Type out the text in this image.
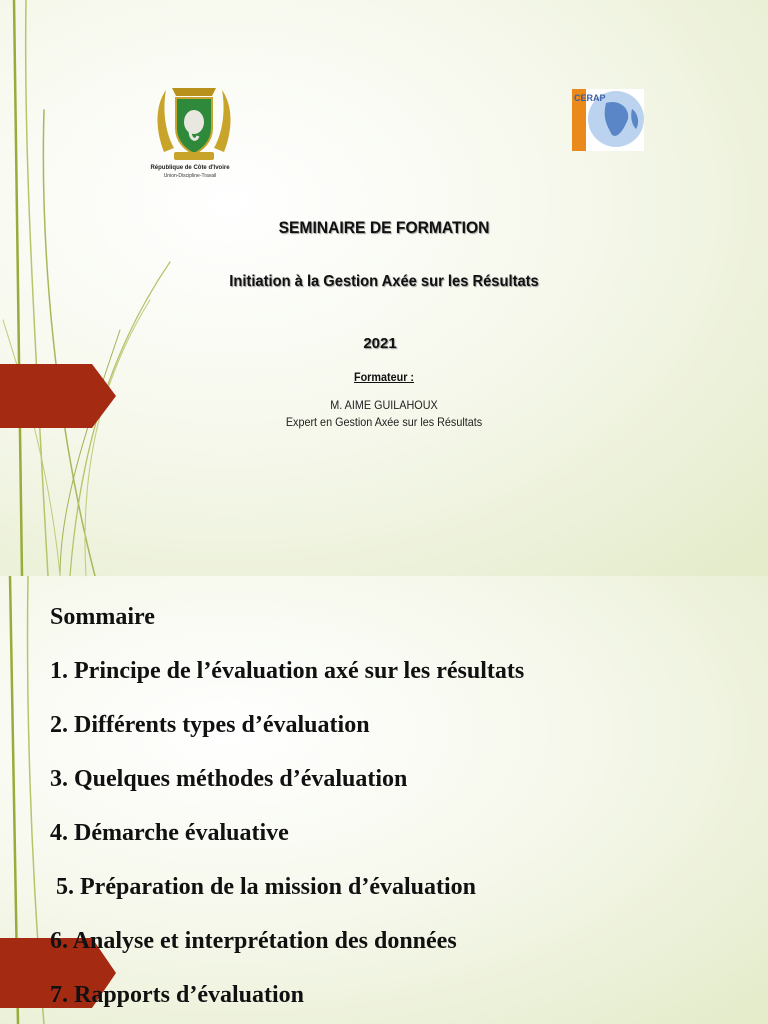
République de Côte d'Ivoire
Union-Discipline-Travail
CERAP
SEMINAIRE DE FORMATION
Initiation à la Gestion Axée sur les Résultats
2021
Formateur :
M. AIME GUILAHOUX
Expert en Gestion Axée sur les Résultats
Sommaire
1. Principe de l’évaluation axé sur les résultats
2. Différents types d’évaluation
3. Quelques méthodes d’évaluation
4. Démarche évaluative
5. Préparation de la mission d’évaluation
6. Analyse et interprétation des données
7. Rapports d’évaluation
